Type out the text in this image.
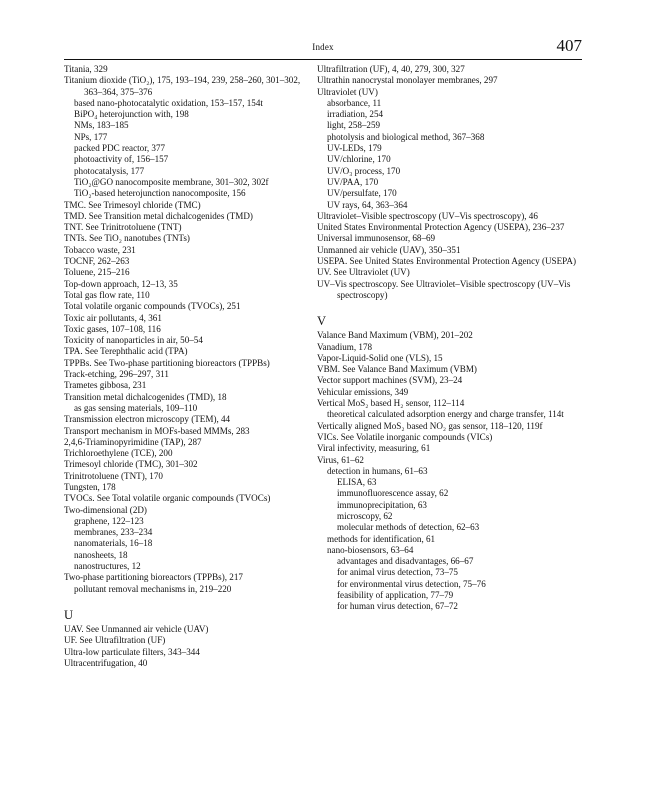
Index	407
Titania, 329
Titanium dioxide (TiO₂), 175, 193–194, 239, 258–260, 301–302, 363–364, 375–376
based nano-photocatalytic oxidation, 153–157, 154t
BiPO₄ heterojunction with, 198
NMs, 183–185
NPs, 177
packed PDC reactor, 377
photoactivity of, 156–157
photocatalysis, 177
TiO₂@GO nanocomposite membrane, 301–302, 302f
TiO₂-based heterojunction nanocomposite, 156
TMC. See Trimesoyl chloride (TMC)
TMD. See Transition metal dichalcogenides (TMD)
TNT. See Trinitrotoluene (TNT)
TNTs. See TiO₂ nanotubes (TNTs)
Tobacco waste, 231
TOCNF, 262–263
Toluene, 215–216
Top-down approach, 12–13, 35
Total gas flow rate, 110
Total volatile organic compounds (TVOCs), 251
Toxic air pollutants, 4, 361
Toxic gases, 107–108, 116
Toxicity of nanoparticles in air, 50–54
TPA. See Terephthalic acid (TPA)
TPPBs. See Two-phase partitioning bioreactors (TPPBs)
Track-etching, 296–297, 311
Trametes gibbosa, 231
Transition metal dichalcogenides (TMD), 18
as gas sensing materials, 109–110
Transmission electron microscopy (TEM), 44
Transport mechanism in MOFs-based MMMs, 283
2,4,6-Triaminopyrimidine (TAP), 287
Trichloroethylene (TCE), 200
Trimesoyl chloride (TMC), 301–302
Trinitrotoluene (TNT), 170
Tungsten, 178
TVOCs. See Total volatile organic compounds (TVOCs)
Two-dimensional (2D)
graphene, 122–123
membranes, 233–234
nanomaterials, 16–18
nanosheets, 18
nanostructures, 12
Two-phase partitioning bioreactors (TPPBs), 217
pollutant removal mechanisms in, 219–220
U
UAV. See Unmanned air vehicle (UAV)
UF. See Ultrafiltration (UF)
Ultra-low particulate filters, 343–344
Ultracentrifugation, 40
Ultrafiltration (UF), 4, 40, 279, 300, 327
Ultrathin nanocrystal monolayer membranes, 297
Ultraviolet (UV)
absorbance, 11
irradiation, 254
light, 258–259
photolysis and biological method, 367–368
UV-LEDs, 179
UV/chlorine, 170
UV/O₃ process, 170
UV/PAA, 170
UV/persulfate, 170
UV rays, 64, 363–364
Ultraviolet–Visible spectroscopy (UV–Vis spectroscopy), 46
United States Environmental Protection Agency (USEPA), 236–237
Universal immunosensor, 68–69
Unmanned air vehicle (UAV), 350–351
USEPA. See United States Environmental Protection Agency (USEPA)
UV. See Ultraviolet (UV)
UV–Vis spectroscopy. See Ultraviolet–Visible spectroscopy (UV–Vis spectroscopy)
V
Valance Band Maximum (VBM), 201–202
Vanadium, 178
Vapor-Liquid-Solid one (VLS), 15
VBM. See Valance Band Maximum (VBM)
Vector support machines (SVM), 23–24
Vehicular emissions, 349
Vertical MoS₂ based H₂ sensor, 112–114
theoretical calculated adsorption energy and charge transfer, 114t
Vertically aligned MoS₂ based NO₂ gas sensor, 118–120, 119f
VICs. See Volatile inorganic compounds (VICs)
Viral infectivity, measuring, 61
Virus, 61–62
detection in humans, 61–63
ELISA, 63
immunofluorescence assay, 62
immunoprecipitation, 63
microscopy, 62
molecular methods of detection, 62–63
methods for identification, 61
nano-biosensors, 63–64
advantages and disadvantages, 66–67
for animal virus detection, 73–75
for environmental virus detection, 75–76
feasibility of application, 77–79
for human virus detection, 67–72
